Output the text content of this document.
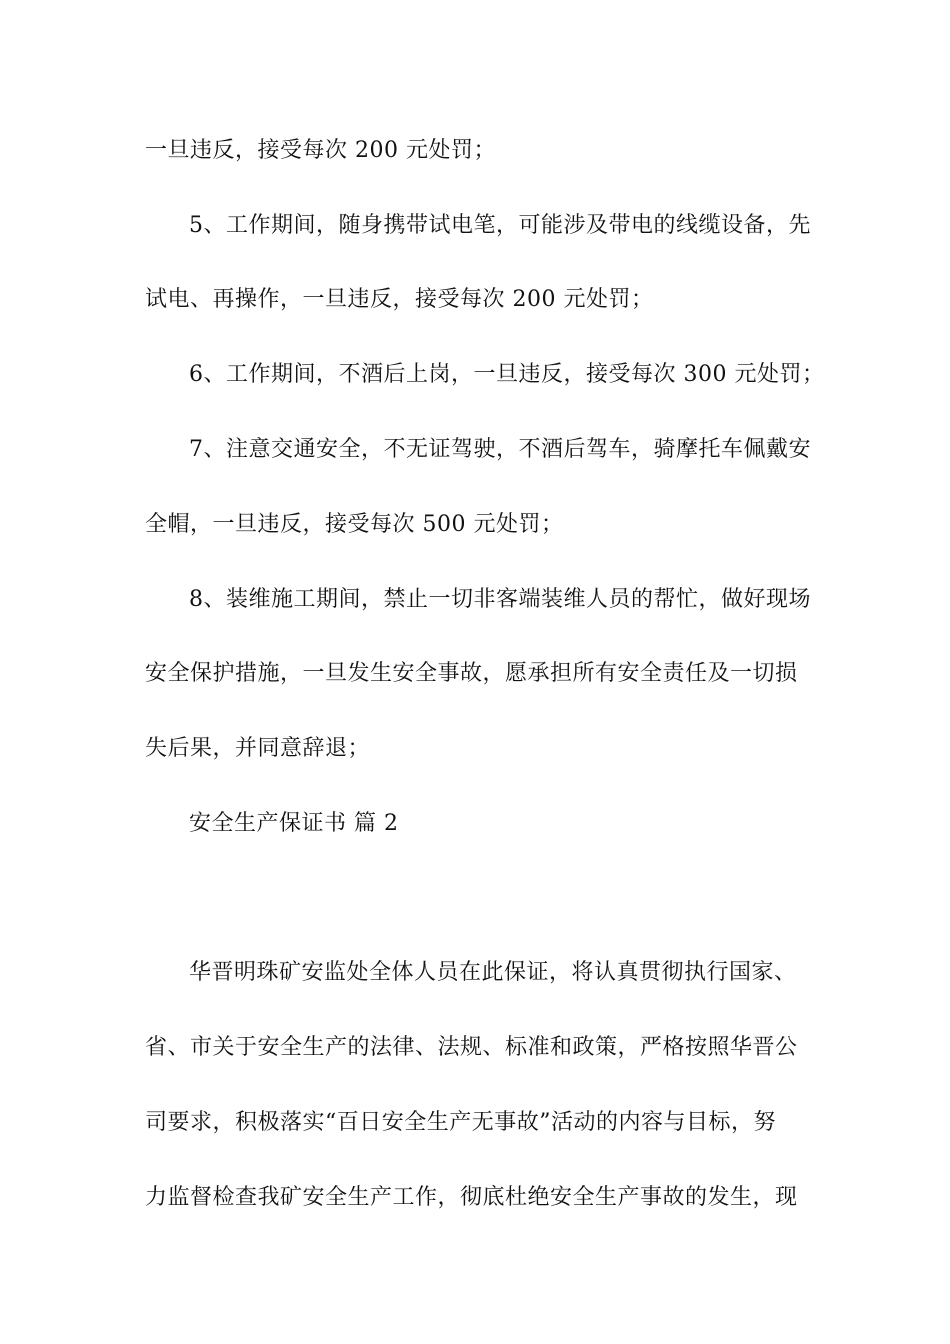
一旦违反，接受每次 200 元处罚；
5、工作期间，随身携带试电笔，可能涉及带电的线缆设备，先
试电、再操作，一旦违反，接受每次 200 元处罚；
6、工作期间，不酒后上岗，一旦违反，接受每次 300 元处罚；
7、注意交通安全，不无证驾驶，不酒后驾车，骑摩托车佩戴安
全帽，一旦违反，接受每次 500 元处罚；
8、装维施工期间，禁止一切非客端装维人员的帮忙，做好现场
安全保护措施，一旦发生安全事故，愿承担所有安全责任及一切损
失后果，并同意辞退；
安全生产保证书 篇 2
华晋明珠矿安监处全体人员在此保证，将认真贯彻执行国家、
省、市关于安全生产的法律、法规、标准和政策，严格按照华晋公
司要求，积极落实“百日安全生产无事故”活动的内容与目标，努
力监督检查我矿安全生产工作，彻底杜绝安全生产事故的发生，现
